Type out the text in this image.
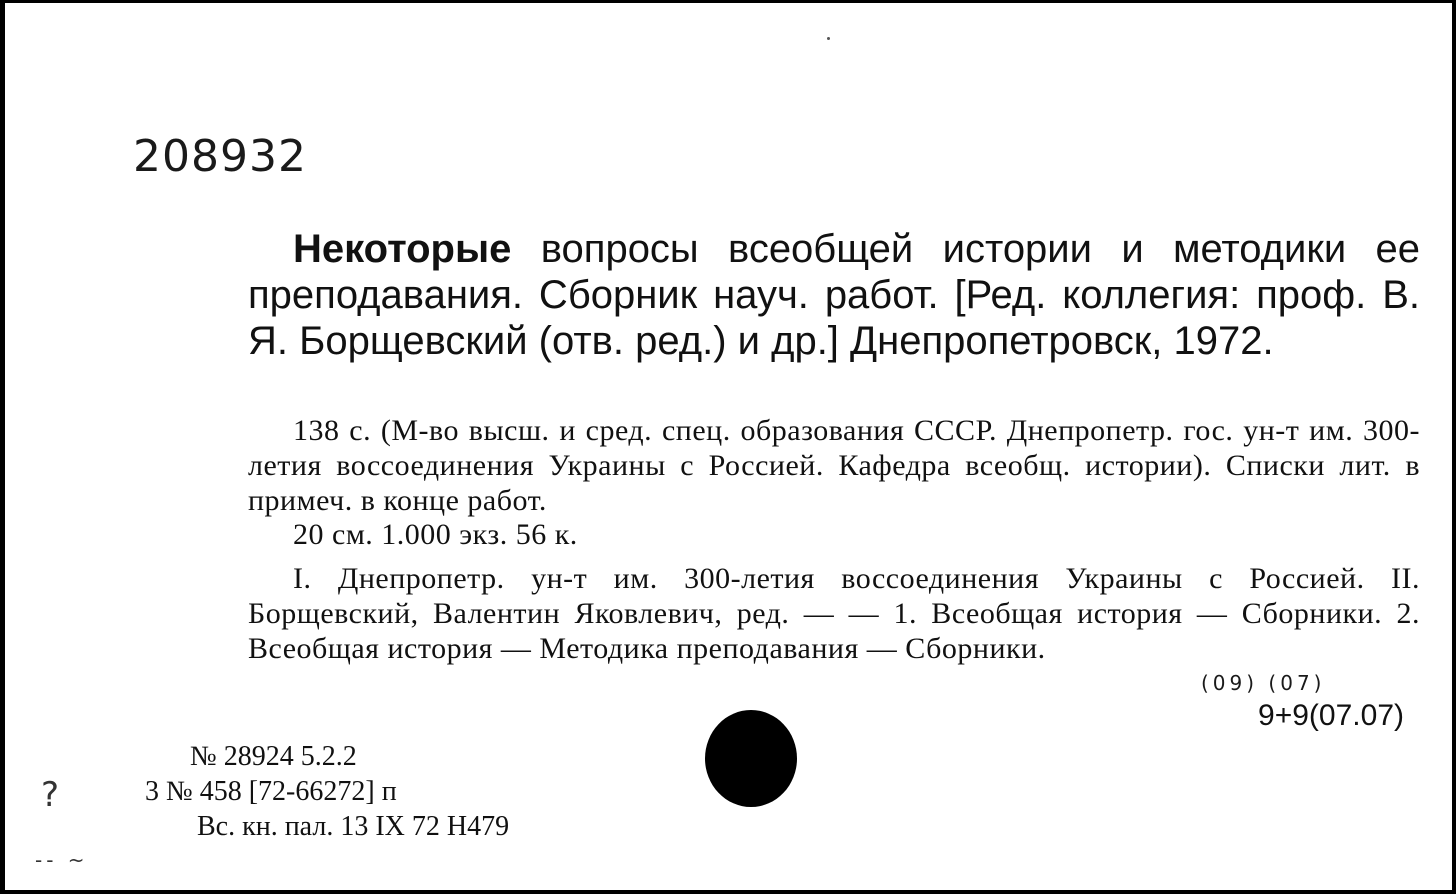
208932
Некоторые вопросы всеобщей истории и методики ее преподавания. Сборник науч. работ. [Ред. коллегия: проф. В. Я. Борщевский (отв. ред.) и др.] Днепропетровск, 1972.

138 с. (М-во высш. и сред. спец. образования СССР. Днепропетр. гос. ун-т им. 300-летия воссоединения Украины с Россией. Кафедра всеобщ. истории). Списки лит. в примеч. в конце работ.

20 см. 1.000 экз. 56 к.

I. Днепропетр. ун-т им. 300-летия воссоединения Украины с Россией. II. Борщевский, Валентин Яковлевич, ред. — — 1. Всеобщая история — Сборники. 2. Всеобщая история — Методика преподавания — Сборники.

(09) (07)
9+9(07.07)
№ 28924 5.2.2
3 № 458 [72-66272] п
Вс. кн. пал. 13 IX 72 Н479
?
-- ~
